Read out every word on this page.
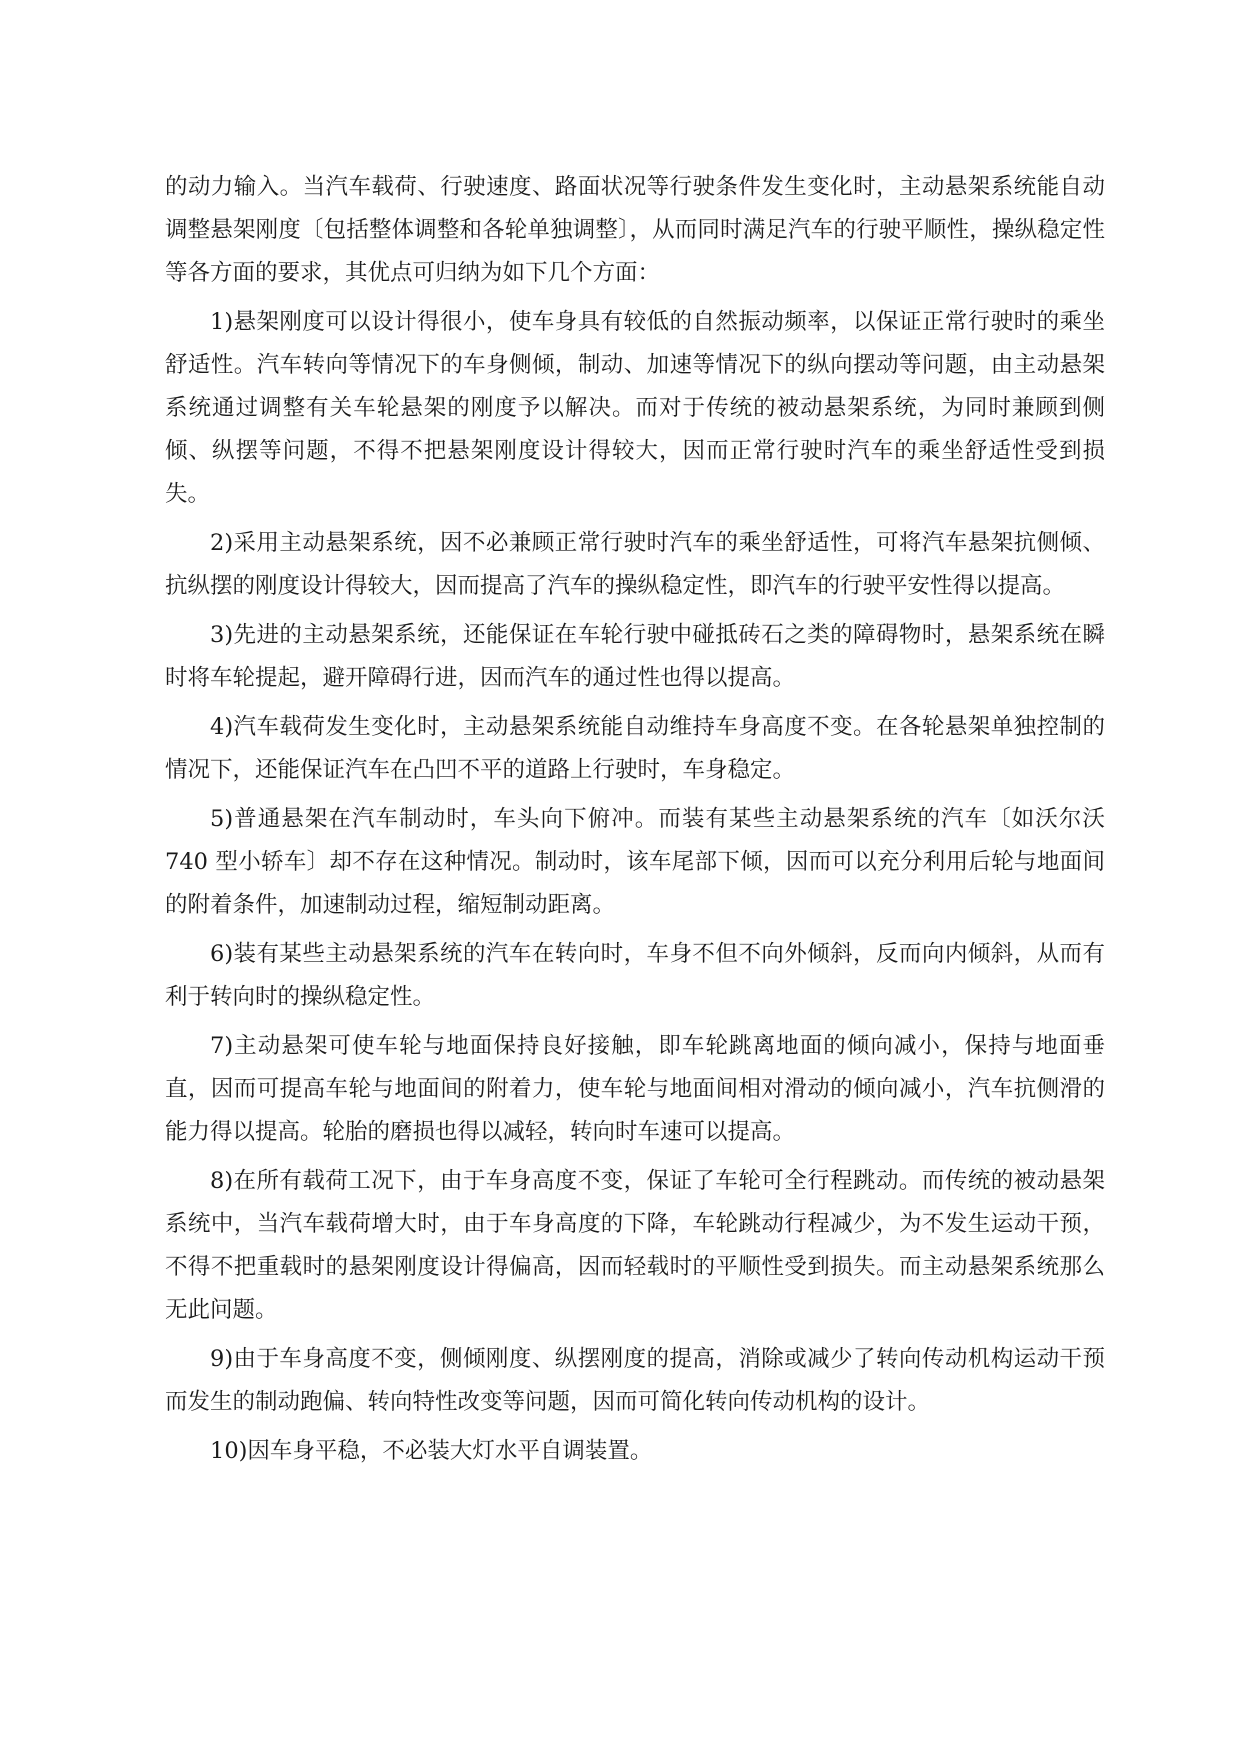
的动力输入。当汽车载荷、行驶速度、路面状况等行驶条件发生变化时，主动悬架系统能自动调整悬架刚度〔包括整体调整和各轮单独调整〕，从而同时满足汽车的行驶平顺性，操纵稳定性等各方面的要求，其优点可归纳为如下几个方面：

1)悬架刚度可以设计得很小，使车身具有较低的自然振动频率，以保证正常行驶时的乘坐舒适性。汽车转向等情况下的车身侧倾，制动、加速等情况下的纵向摆动等问题，由主动悬架系统通过调整有关车轮悬架的刚度予以解决。而对于传统的被动悬架系统，为同时兼顾到侧倾、纵摆等问题，不得不把悬架刚度设计得较大，因而正常行驶时汽车的乘坐舒适性受到损失。

2)采用主动悬架系统，因不必兼顾正常行驶时汽车的乘坐舒适性，可将汽车悬架抗侧倾、抗纵摆的刚度设计得较大，因而提高了汽车的操纵稳定性，即汽车的行驶平安性得以提高。

3)先进的主动悬架系统，还能保证在车轮行驶中碰抵砖石之类的障碍物时，悬架系统在瞬时将车轮提起，避开障碍行进，因而汽车的通过性也得以提高。

4)汽车载荷发生变化时，主动悬架系统能自动维持车身高度不变。在各轮悬架单独控制的情况下，还能保证汽车在凸凹不平的道路上行驶时，车身稳定。

5)普通悬架在汽车制动时，车头向下俯冲。而装有某些主动悬架系统的汽车〔如沃尔沃 740 型小轿车〕却不存在这种情况。制动时，该车尾部下倾，因而可以充分利用后轮与地面间的附着条件，加速制动过程，缩短制动距离。

6)装有某些主动悬架系统的汽车在转向时，车身不但不向外倾斜，反而向内倾斜，从而有利于转向时的操纵稳定性。

7)主动悬架可使车轮与地面保持良好接触，即车轮跳离地面的倾向减小，保持与地面垂直，因而可提高车轮与地面间的附着力，使车轮与地面间相对滑动的倾向减小，汽车抗侧滑的能力得以提高。轮胎的磨损也得以减轻，转向时车速可以提高。

8)在所有载荷工况下，由于车身高度不变，保证了车轮可全行程跳动。而传统的被动悬架系统中，当汽车载荷增大时，由于车身高度的下降，车轮跳动行程减少，为不发生运动干预，不得不把重载时的悬架刚度设计得偏高，因而轻载时的平顺性受到损失。而主动悬架系统那么无此问题。

9)由于车身高度不变，侧倾刚度、纵摆刚度的提高，消除或减少了转向传动机构运动干预而发生的制动跑偏、转向特性改变等问题，因而可简化转向传动机构的设计。

10)因车身平稳，不必装大灯水平自调装置。
